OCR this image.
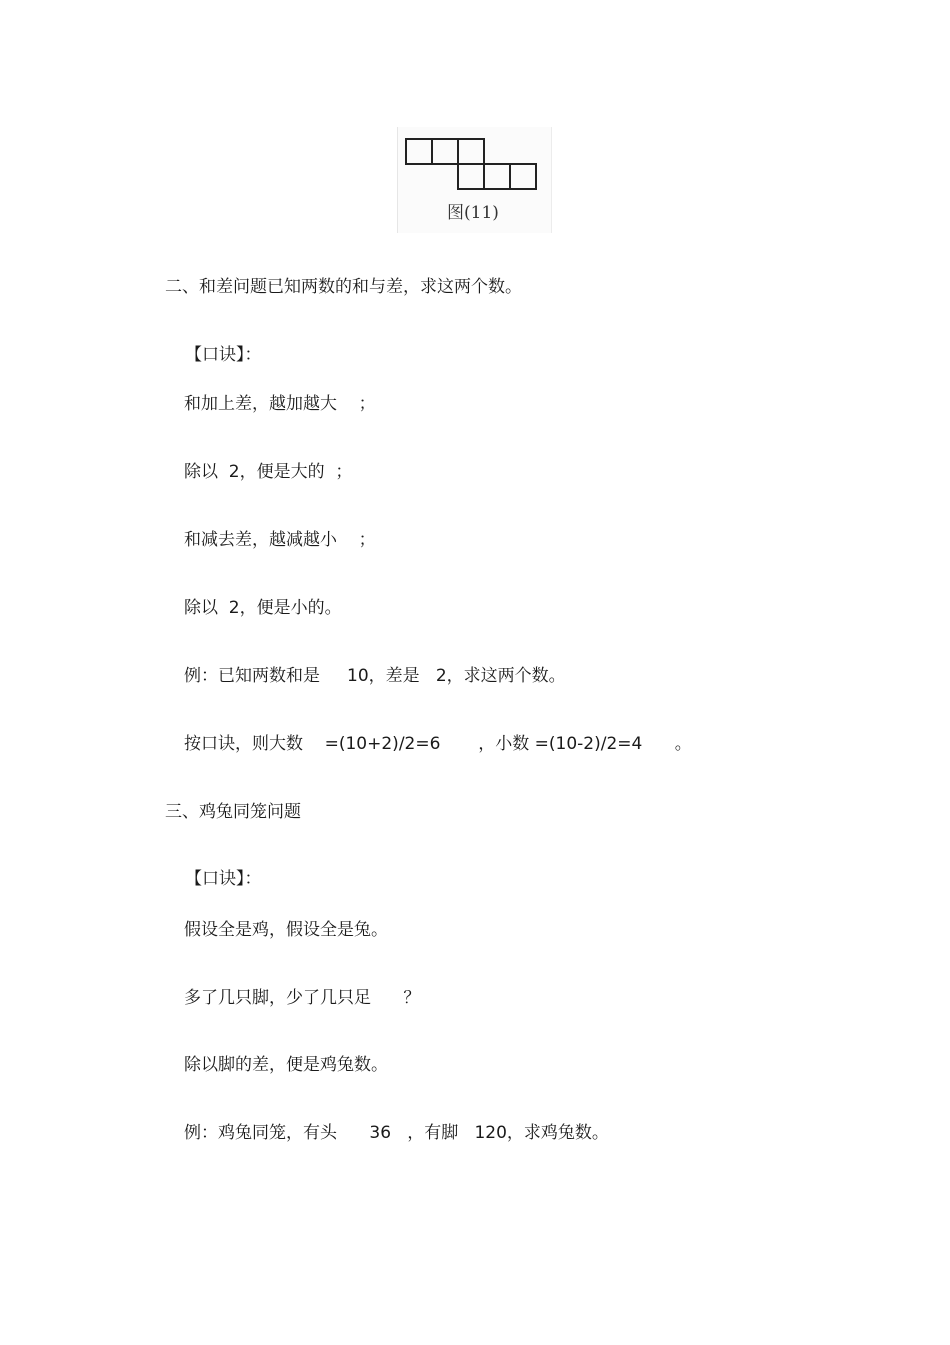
图(11)
二、和差问题已知两数的和与差，求这两个数。
【口诀】：
和加上差，越加越大    ；
除以  2，便是大的  ；
和减去差，越减越小    ；
除以  2，便是小的。
例：已知两数和是     10，差是   2，求这两个数。
按口诀，则大数    =(10+2)/2=6       ，小数 =(10-2)/2=4      。
三、鸡兔同笼问题
【口诀】：
假设全是鸡，假设全是兔。
多了几只脚，少了几只足      ？
除以脚的差，便是鸡兔数。
例：鸡兔同笼，有头      36   ，有脚   120，求鸡兔数。
